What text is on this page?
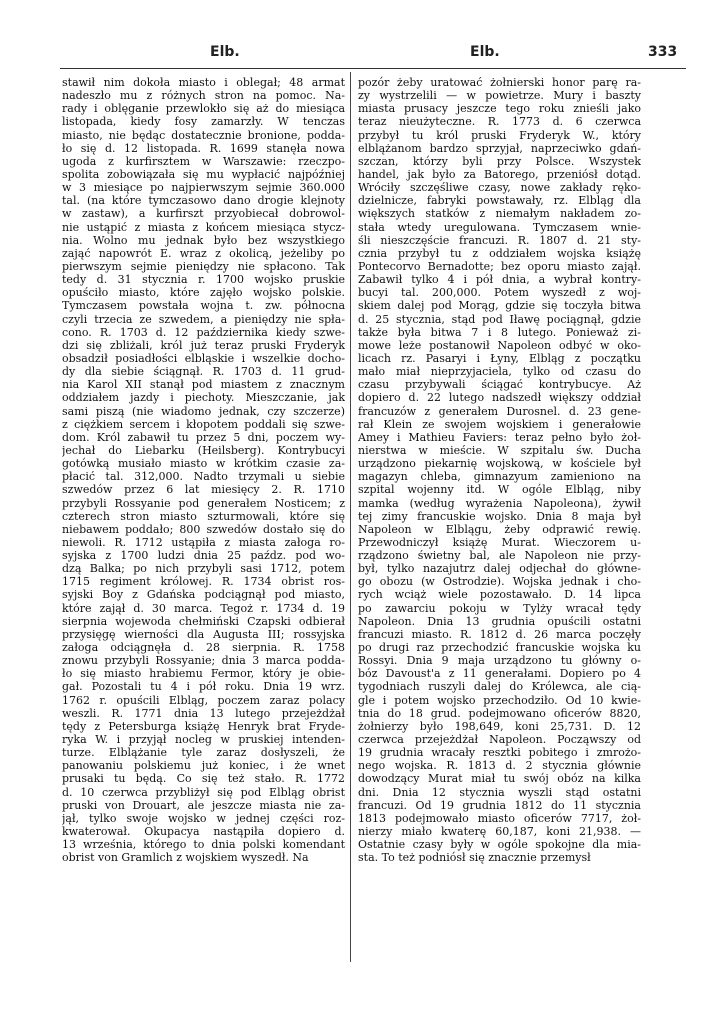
Elb.	Elb.	333
stawił nim dokoła miasto i oblegał; 48 armat
nadeszło mu z różnych stron na pomoc. Na-
rady i oblęganie przewlokło się aż do miesiąca
listopada, kiedy fosy zamarzły. W tenczas
miasto, nie będąc dostatecznie bronione, podda-
ło się d. 12 listopada. R. 1699 stanęła nowa
ugoda z kurfirsztem w Warszawie: rzeczpo-
spolita zobowiązała się mu wypłacić najpóźniej
w 3 miesiące po najpierwszym sejmie 360.000
tal. (na które tymczasowo dano drogie klejnoty
w zastaw), a kurfirszt przyobiecał dobrowol-
nie ustąpić z miasta z końcem miesiąca stycz-
nia. Wolno mu jednak było bez wszystkiego
zająć napowrót E. wraz z okolicą, jeżeliby po
pierwszym sejmie pieniędzy nie spłacono. Tak
tedy d. 31 stycznia r. 1700 wojsko pruskie
opuściło miasto, które zajęło wojsko polskie.
Tymczasem powstała wojna t. zw. północna
czyli trzecia ze szwedem, a pieniędzy nie spła-
cono. R. 1703 d. 12 października kiedy szwe-
dzi się zbliżali, król już teraz pruski Fryderyk
obsadził posiadłości elbląskie i wszelkie docho-
dy dla siebie ściągnął. R. 1703 d. 11 grud-
nia Karol XII stanął pod miastem z znacznym
oddziałem jazdy i piechoty. Mieszczanie, jak
sami piszą (nie wiadomo jednak, czy szczerze)
z ciężkiem sercem i kłopotem poddali się szwe-
dom. Król zabawił tu przez 5 dni, poczem wy-
jechał do Liebarku (Heilsberg). Kontrybucyi
gotówką musiało miasto w krótkim czasie za-
płacić tal. 312,000. Nadto trzymali u siebie
szwedów przez 6 lat miesięcy 2. R. 1710
przybyli Rossyanie pod generałem Nosticem; z
czterech stron miasto szturmowali, które się
niebawem poddało; 800 szwedów dostało się do
niewoli. R. 1712 ustąpiła z miasta załoga ro-
syjska z 1700 ludzi dnia 25 paźdz. pod wo-
dzą Balka; po nich przybyli sasi 1712, potem
1715 regiment królowej. R. 1734 obrist ros-
syjski Boy z Gdańska podciągnął pod miasto,
które zajął d. 30 marca. Tegoż r. 1734 d. 19
sierpnia wojewoda chełmiński Czapski odbierał
przysięgę wierności dla Augusta III; rossyjska
załoga odciągnęła d. 28 sierpnia. R. 1758
znowu przybyli Rossyanie; dnia 3 marca podda-
ło się miasto hrabiemu Fermor, który je obie-
gał. Pozostali tu 4 i pół roku. Dnia 19 wrz.
1762 r. opuścili Elbląg, poczem zaraz polacy
weszli. R. 1771 dnia 13 lutego przejeżdżał
tędy z Petersburga książę Henryk brat Fryde-
ryka W. i przyjął nocleg w pruskiej intenden-
turze. Elblążanie tyle zaraz dosłyszeli, że
panowaniu polskiemu już koniec, i że wnet
prusaki tu będą. Co się też stało. R. 1772
d. 10 czerwca przybliżył się pod Elbląg obrist
pruski von Drouart, ale jeszcze miasta nie za-
jął, tylko swoje wojsko w jednej części roz-
kwaterował. Okupacya nastąpiła dopiero d.
13 września, którego to dnia polski komendant
obrist von Gramlich z wojskiem wyszedł. Na
pozór żeby uratować żołnierski honor parę ra-
zy wystrzelili — w powietrze. Mury i baszty
miasta prusacy jeszcze tego roku znieśli jako
teraz nieużyteczne. R. 1773 d. 6 czerwca
przybył tu król pruski Fryderyk W., który
elblążanom bardzo sprzyjał, naprzeciwko gdań-
szczan, którzy byli przy Polsce. Wszystek
handel, jak było za Batorego, przeniósł dotąd.
Wróciły szczęśliwe czasy, nowe zakłady ręko-
dzielnicze, fabryki powstawały, rz. Elbląg dla
większych statków z niemałym nakładem zo-
stała wtedy uregulowana. Tymczasem wnie-
śli nieszczęście francuzi. R. 1807 d. 21 sty-
cznia przybył tu z oddziałem wojska książę
Pontecorvo Bernadotte; bez oporu miasto zajął.
Zabawił tylko 4 i pół dnia, a wybrał kontry-
bucyi tal. 200,000. Potem wyszedł z woj-
skiem dalej pod Morąg, gdzie się toczyła bitwa
d. 25 stycznia, stąd pod Iławę pociągnął, gdzie
także była bitwa 7 i 8 lutego. Ponieważ zi-
mowe leże postanowił Napoleon odbyć w oko-
licach rz. Pasaryi i Łyny, Elbląg z początku
mało miał nieprzyjaciela, tylko od czasu do
czasu przybywali ściągać kontrybucye. Aż
dopiero d. 22 lutego nadszedł większy oddział
francuzów z generałem Durosnel. d. 23 gene-
rał Klein ze swojem wojskiem i generałowie
Amey i Mathieu Faviers: teraz pełno było żoł-
nierstwa w mieście. W szpitalu św. Ducha
urządzono piekarnię wojskową, w kościele był
magazyn chleba, gimnazyum zamieniono na
szpital wojenny itd. W ogóle Elbląg, niby
mamka (według wyrażenia Napoleona), żywił
tej zimy francuskie wojsko. Dnia 8 maja był
Napoleon w Elblągu, żeby odprawić rewię.
Przewodniczył książę Murat. Wieczorem u-
rządzono świetny bal, ale Napoleon nie przy-
był, tylko nazajutrz dalej odjechał do główne-
go obozu (w Ostrodzie). Wojska jednak i cho-
rych wciąż wiele pozostawało. D. 14 lipca
po zawarciu pokoju w Tylży wracał tędy
Napoleon. Dnia 13 grudnia opuścili ostatni
francuzi miasto. R. 1812 d. 26 marca poczęły
po drugi raz przechodzić francuskie wojska ku
Rossyi. Dnia 9 maja urządzono tu główny o-
bóz Davoust'a z 11 generałami. Dopiero po 4
tygodniach ruszyli dalej do Królewca, ale cią-
gle i potem wojsko przechodziło. Od 10 kwie-
tnia do 18 grud. podejmowano oficerów 8820,
żołnierzy było 198,649, koni 25,731. D. 12
czerwca przejeżdżał Napoleon. Począwszy od
19 grudnia wracały resztki pobitego i zmrożo-
nego wojska. R. 1813 d. 2 stycznia głównie
dowodzący Murat miał tu swój obóz na kilka
dni. Dnia 12 stycznia wyszli stąd ostatni
francuzi. Od 19 grudnia 1812 do 11 stycznia
1813 podejmowało miasto oficerów 7717, żoł-
nierzy miało kwaterę 60,187, koni 21,938. —
Ostatnie czasy były w ogóle spokojne dla mia-
sta. To też podniósł się znacznie przemysł
